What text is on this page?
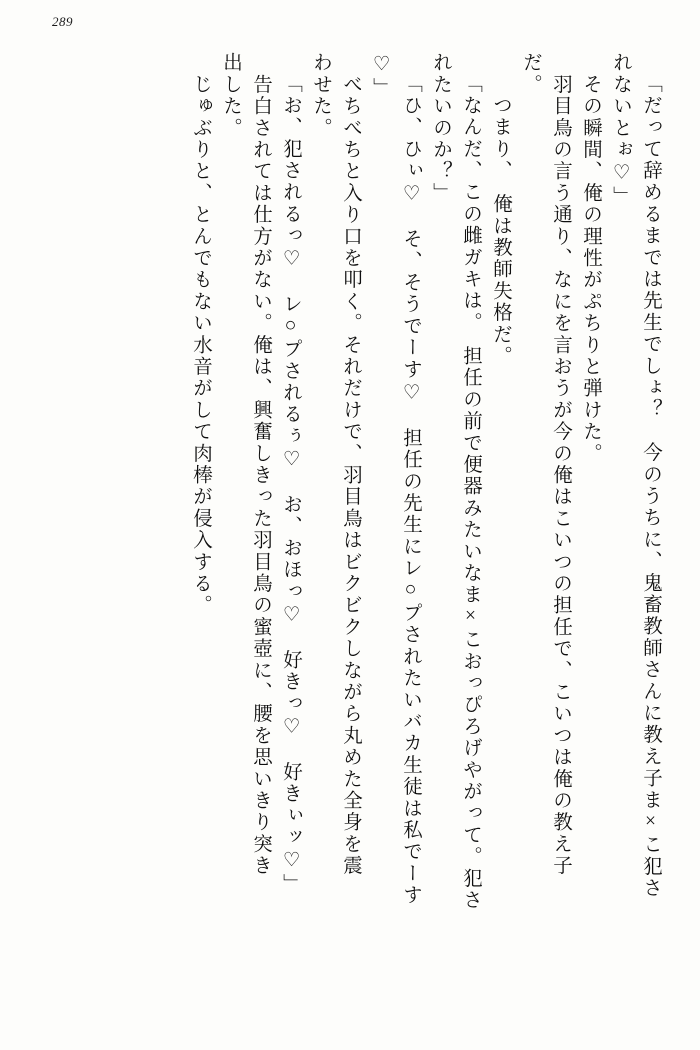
289
「だって辞めるまでは先生でしょ？　今のうちに、鬼畜教師さんに教え子ま×こ犯さ
れないとぉ♡」
　その瞬間、俺の理性がぷちりと弾けた。
　羽目鳥の言う通り、なにを言おうが今の俺はこいつの担任で、こいつは俺の教え子
だ。
　つまり、　俺は教師失格だ。
「なんだ、この雌ガキは。　担任の前で便器みたいなま×こおっぴろげやがって。犯さ
れたいのか？」
「ひ、ひぃ♡　そ、そうでーす♡　担任の先生にレ○プされたいバカ生徒は私でーす
♡」
　べちべちと入り口を叩く。それだけで、羽目鳥はビクビクしながら丸めた全身を震
わせた。
「お、犯されるっ♡　レ○プされるぅ♡　お、おほっ♡　好きっ♡　好きぃッ♡」
　告白されては仕方がない。俺は、興奮しきった羽目鳥の蜜壺に、腰を思いきり突き
出した。
　じゅぶりと、とんでもない水音がして肉棒が侵入する。
